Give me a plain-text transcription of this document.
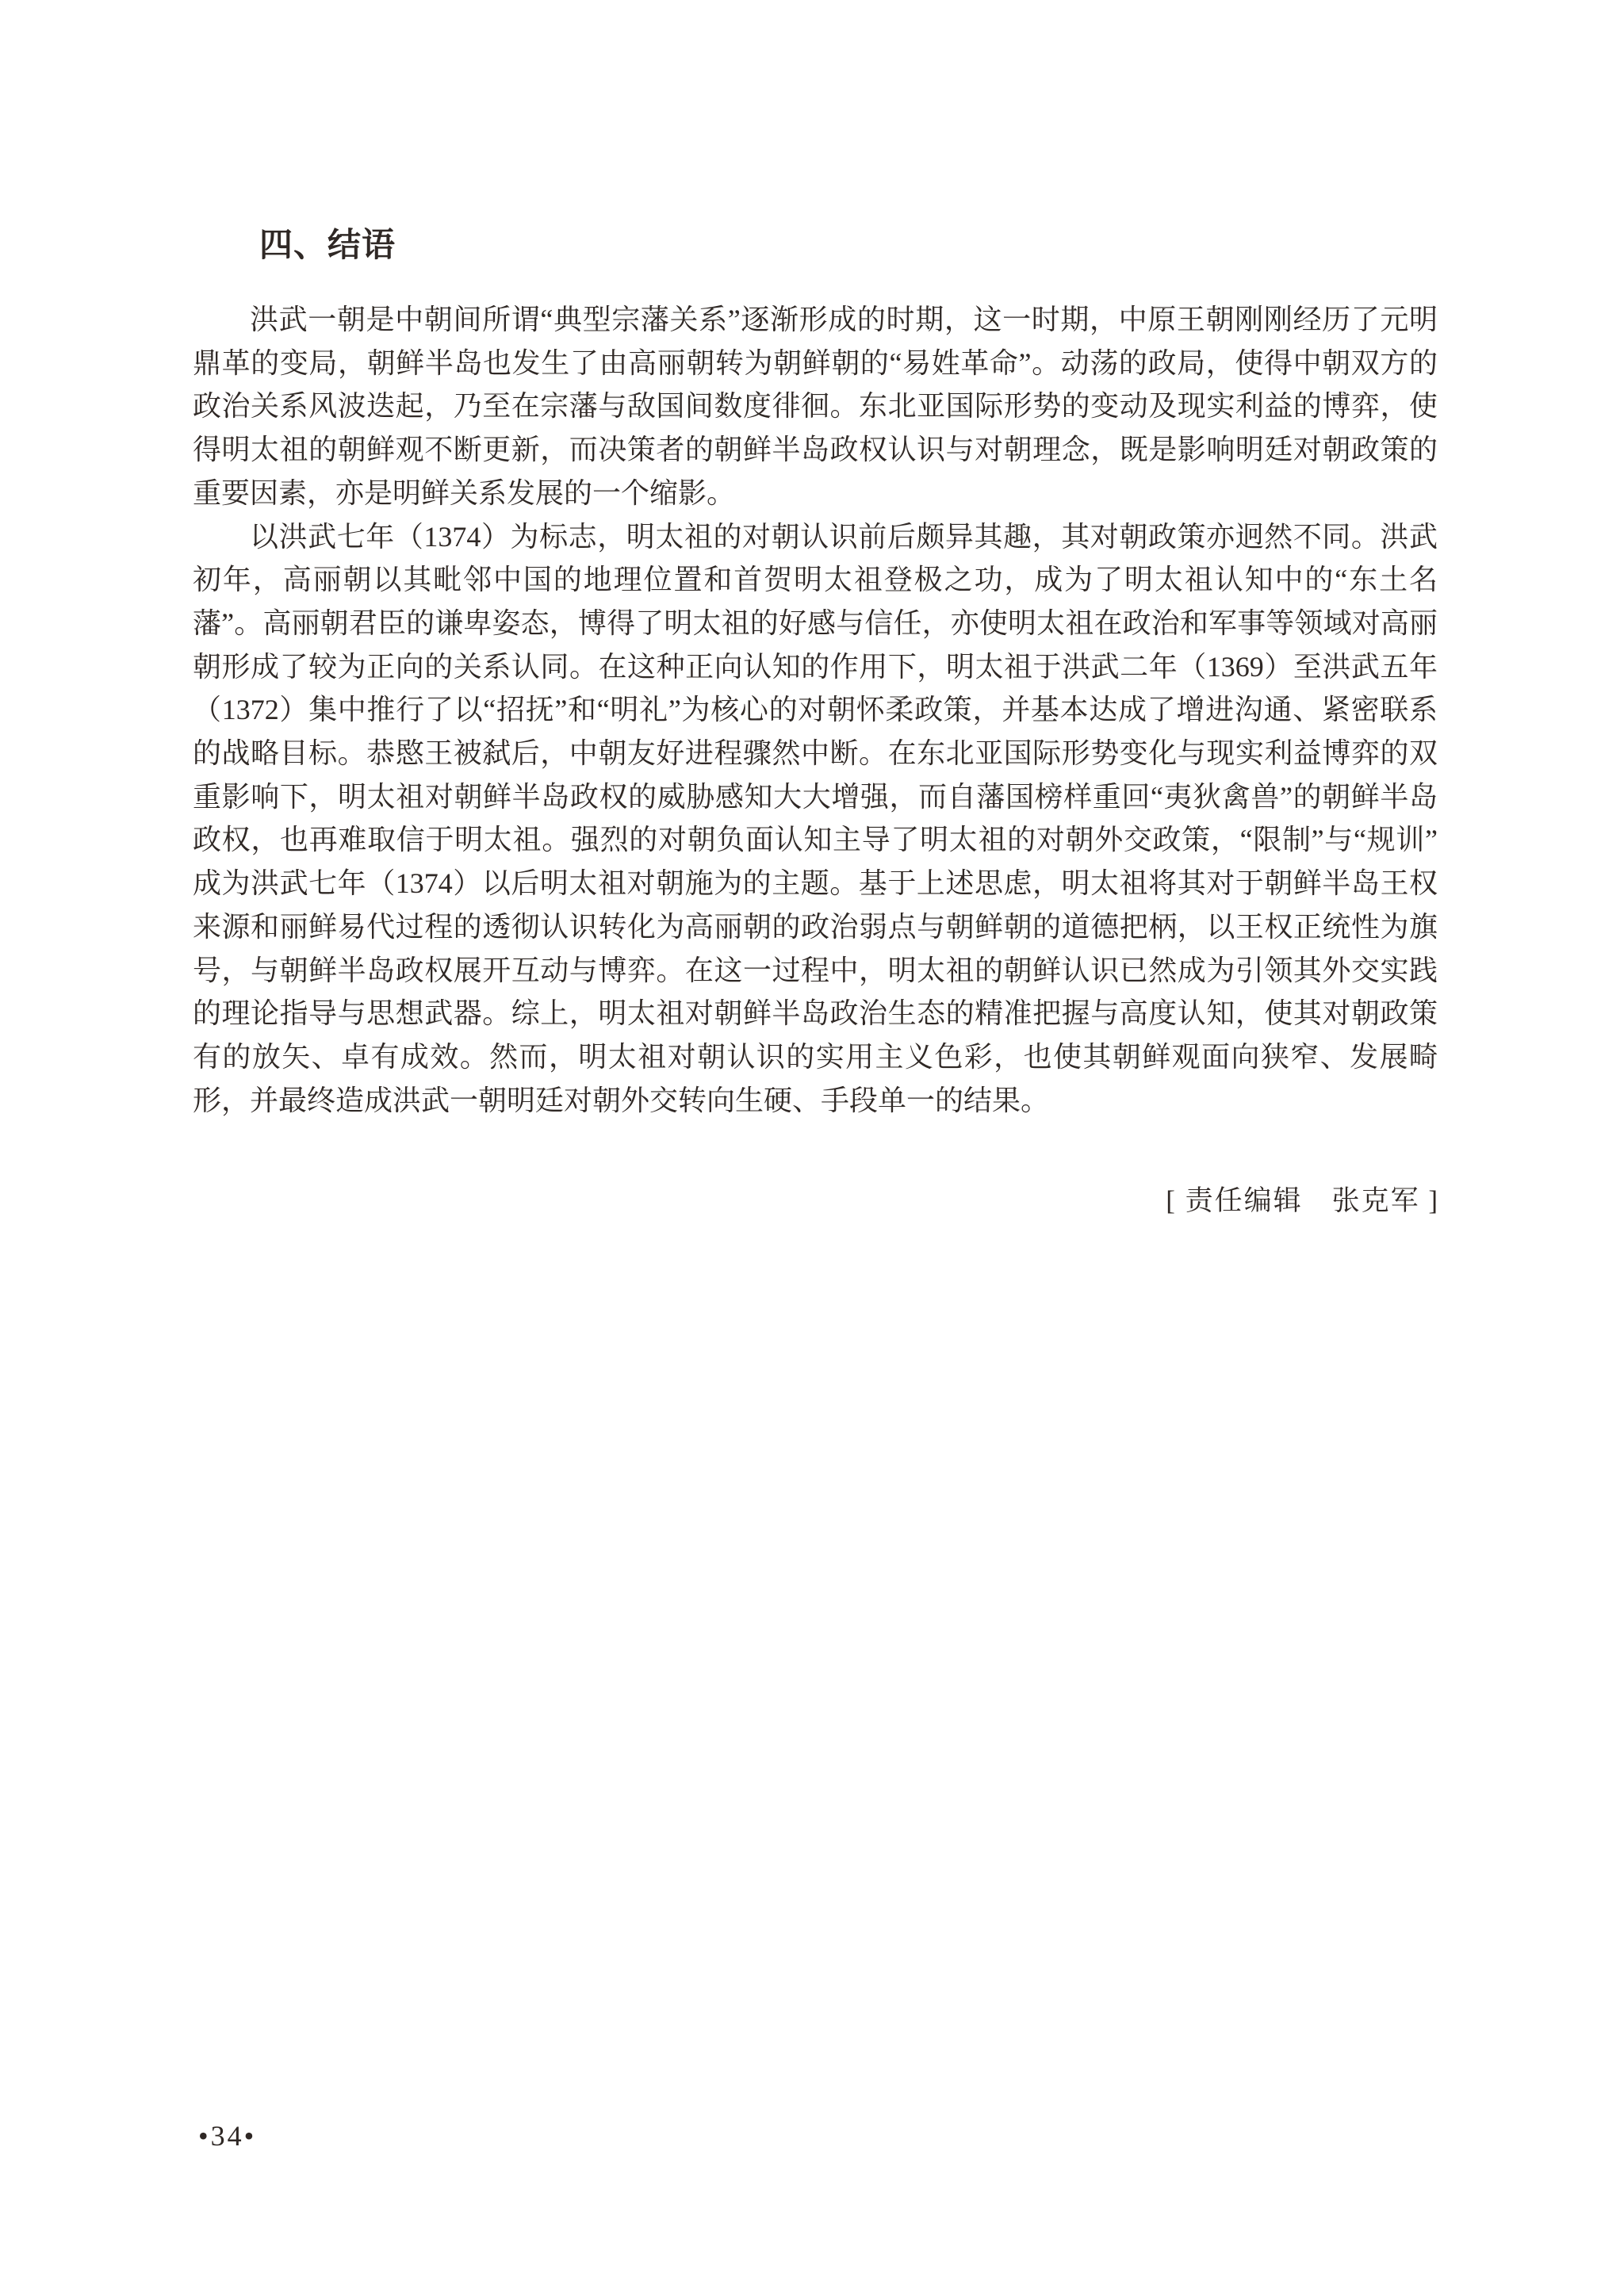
四、结语

洪武一朝是中朝间所谓“典型宗藩关系”逐渐形成的时期，这一时期，中原王朝刚刚经历了元明鼎革的变局，朝鲜半岛也发生了由高丽朝转为朝鲜朝的“易姓革命”。动荡的政局，使得中朝双方的政治关系风波迭起，乃至在宗藩与敌国间数度徘徊。东北亚国际形势的变动及现实利益的博弈，使得明太祖的朝鲜观不断更新，而决策者的朝鲜半岛政权认识与对朝理念，既是影响明廷对朝政策的重要因素，亦是明鲜关系发展的一个缩影。

以洪武七年（1374）为标志，明太祖的对朝认识前后颇异其趣，其对朝政策亦迥然不同。洪武初年，高丽朝以其毗邻中国的地理位置和首贺明太祖登极之功，成为了明太祖认知中的“东土名藩”。高丽朝君臣的谦卑姿态，博得了明太祖的好感与信任，亦使明太祖在政治和军事等领域对高丽朝形成了较为正向的关系认同。在这种正向认知的作用下，明太祖于洪武二年（1369）至洪武五年（1372）集中推行了以“招抚”和“明礼”为核心的对朝怀柔政策，并基本达成了增进沟通、紧密联系的战略目标。恭愍王被弑后，中朝友好进程骤然中断。在东北亚国际形势变化与现实利益博弈的双重影响下，明太祖对朝鲜半岛政权的威胁感知大大增强，而自藩国榜样重回“夷狄禽兽”的朝鲜半岛政权，也再难取信于明太祖。强烈的对朝负面认知主导了明太祖的对朝外交政策，“限制”与“规训”成为洪武七年（1374）以后明太祖对朝施为的主题。基于上述思虑，明太祖将其对于朝鲜半岛王权来源和丽鲜易代过程的透彻认识转化为高丽朝的政治弱点与朝鲜朝的道德把柄，以王权正统性为旗号，与朝鲜半岛政权展开互动与博弈。在这一过程中，明太祖的朝鲜认识已然成为引领其外交实践的理论指导与思想武器。综上，明太祖对朝鲜半岛政治生态的精准把握与高度认知，使其对朝政策有的放矢、卓有成效。然而，明太祖对朝认识的实用主义色彩，也使其朝鲜观面向狭窄、发展畸形，并最终造成洪武一朝明廷对朝外交转向生硬、手段单一的结果。

[ 责任编辑　张克军 ]
•34•
